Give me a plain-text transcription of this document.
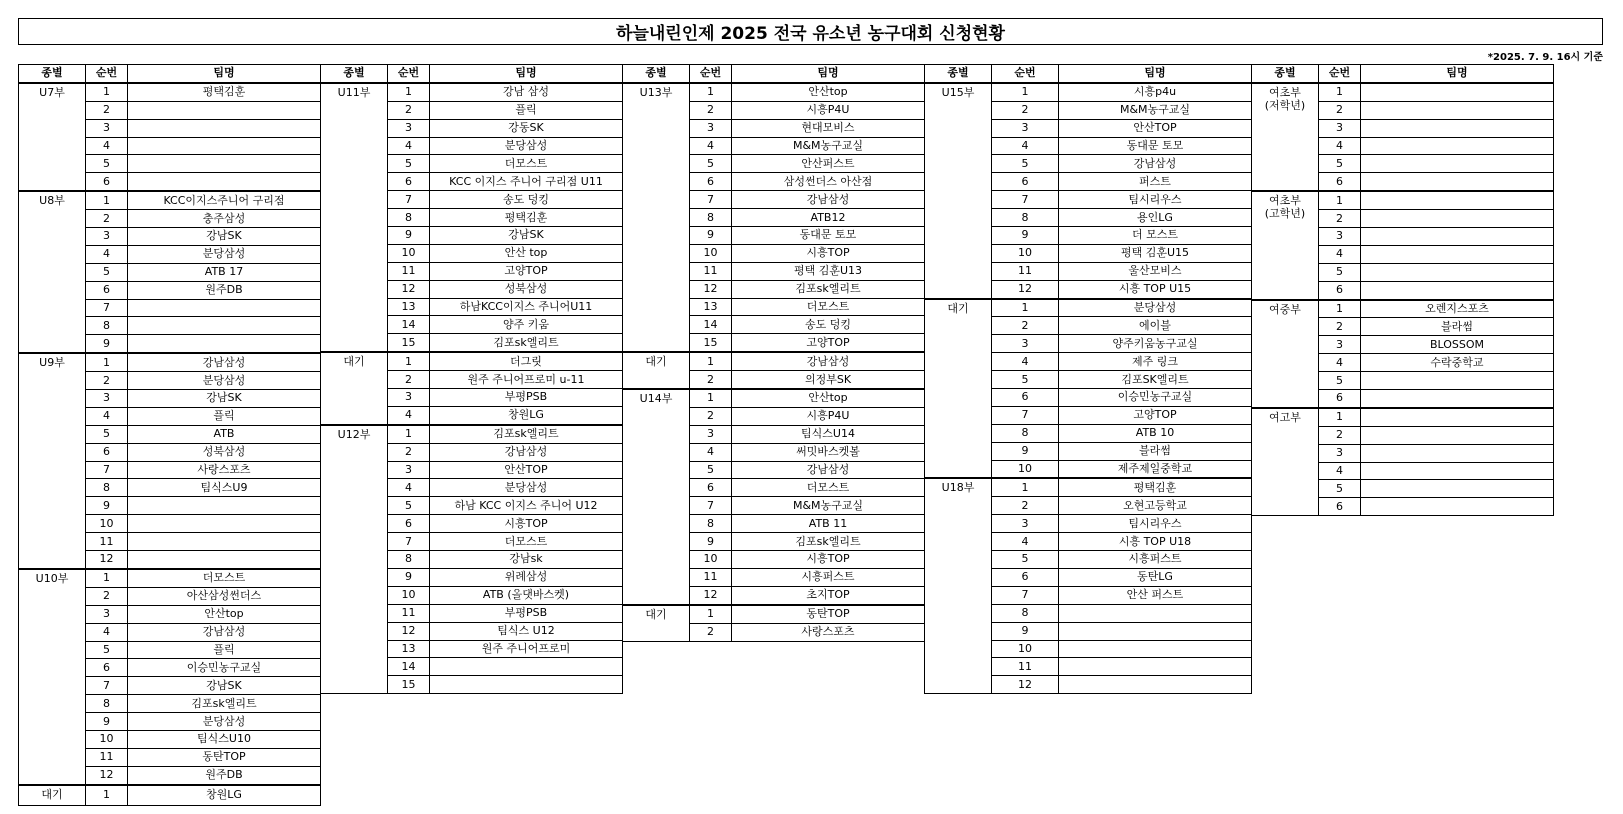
하늘내린인제 2025 전국 유소년 농구대회 신청현황
*2025. 7. 9. 16시 기준
종별	순번	팀명
U7부	1	평택김훈
	2	
	3	
	4	
	5	
	6	
U8부	1	KCC이지스주니어 구리점
	2	충주삼성
	3	강남SK
	4	분당삼성
	5	ATB 17
	6	원주DB
	7	
	8	
	9	
U9부	1	강남삼성
	2	분당삼성
	3	강남SK
	4	플릭
	5	ATB
	6	성북삼성
	7	사랑스포츠
	8	팀식스U9
	9	
	10	
	11	
	12	
U10부	1	더모스트
	2	아산삼성썬더스
	3	안산top
	4	강남삼성
	5	플릭
	6	이승민농구교실
	7	강남SK
	8	김포sk엘리트
	9	분당삼성
	10	팀식스U10
	11	동탄TOP
	12	원주DB
대기	1	창원LG
종별	순번	팀명
U11부	1	강남 삼성
	2	플릭
	3	강동SK
	4	분당삼성
	5	더모스트
	6	KCC 이지스 주니어 구리점 U11
	7	송도 덩킹
	8	평택김훈
	9	강남SK
	10	안산 top
	11	고양TOP
	12	성북삼성
	13	하남KCC이지스 주니어U11
	14	양주 키움
	15	김포sk엘리트
대기	1	더그릿
	2	원주 주니어프로미 u-11
	3	부평PSB
	4	창원LG
U12부	1	김포sk엘리트
	2	강남삼성
	3	안산TOP
	4	분당삼성
	5	하남 KCC 이지스 주니어 U12
	6	시흥TOP
	7	더모스트
	8	강남sk
	9	위례삼성
	10	ATB (올댓바스켓)
	11	부평PSB
	12	팀식스 U12
	13	원주 주니어프로미
	14	
	15	
종별	순번	팀명
U13부	1	안산top
	2	시흥P4U
	3	현대모비스
	4	M&M농구교실
	5	안산퍼스트
	6	삼성썬더스 아산점
	7	강남삼성
	8	ATB12
	9	동대문 토모
	10	시흥TOP
	11	평택 김훈U13
	12	김포sk엘리트
	13	더모스트
	14	송도 덩킹
	15	고양TOP
대기	1	강남삼성
	2	의정부SK
U14부	1	안산top
	2	시흥P4U
	3	팀식스U14
	4	써밋바스켓볼
	5	강남삼성
	6	더모스트
	7	M&M농구교실
	8	ATB 11
	9	김포sk엘리트
	10	시흥TOP
	11	시흥퍼스트
	12	초지TOP
대기	1	동탄TOP
	2	사랑스포츠
종별	순번	팀명
U15부	1	시흥p4u
	2	M&M농구교실
	3	안산TOP
	4	동대문 토모
	5	강남삼성
	6	퍼스트
	7	팀시리우스
	8	용인LG
	9	더 모스트
	10	평택 김훈U15
	11	울산모비스
	12	시흥 TOP U15
대기	1	분당삼성
	2	에이블
	3	양주키움농구교실
	4	제주 링크
	5	김포SK엘리트
	6	이승민농구교실
	7	고양TOP
	8	ATB 10
	9	블라썸
	10	제주제일중학교
U18부	1	평택김훈
	2	오현고등학교
	3	팀시리우스
	4	시흥 TOP U18
	5	시흥퍼스트
	6	동탄LG
	7	안산 퍼스트
	8	
	9	
	10	
	11	
	12	
종별	순번	팀명
여초부
(저학년)	1	
	2	
	3	
	4	
	5	
	6	
여초부
(고학년)	1	
	2	
	3	
	4	
	5	
	6	
여중부	1	오렌지스포츠
	2	블라썸
	3	BLOSSOM
	4	수락중학교
	5	
	6	
여고부	1	
	2	
	3	
	4	
	5	
	6	
